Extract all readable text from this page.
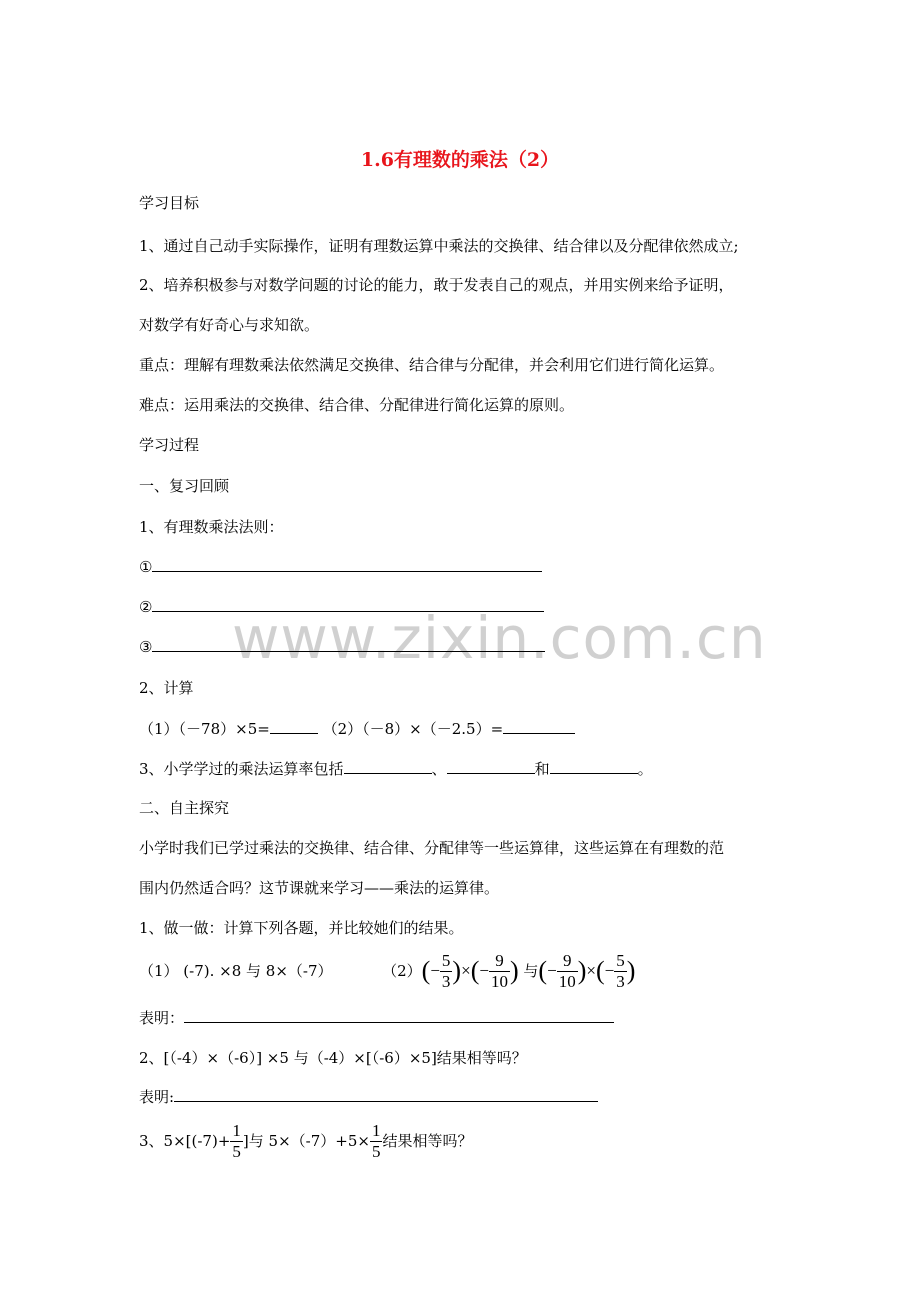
www.zixin.com.cn
1.6有理数的乘法（2）
学习目标
1、通过自己动手实际操作，证明有理数运算中乘法的交换律、结合律以及分配律依然成立;
2、培养积极参与对数学问题的讨论的能力，敢于发表自己的观点，并用实例来给予证明，
对数学有好奇心与求知欲。
重点：理解有理数乘法依然满足交换律、结合律与分配律，并会利用它们进行简化运算。
难点：运用乘法的交换律、结合律、分配律进行简化运算的原则。
学习过程
一、复习回顾
1、有理数乘法法则：
①
②
③
2、计算
（1）（－78）×5=	（2）（－8）×（－2.5）=
3、小学学过的乘法运算率包括	、	和	。
二、自主探究
小学时我们已学过乘法的交换律、结合律、分配律等一些运算律，这些运算在有理数的范
围内仍然适合吗？这节课就来学习——乘法的运算律。
1、做一做：计算下列各题，并比较她们的结果。
（1） (-7). ×8 与 8×（-7）	$(2)(- \frac{5}{3}$ )×(− $\frac{9}{10}$ ) 与(− $\frac{9}{10}$ )×(− $\frac{5}{3}$ )
表明：
2、[（-4）×（-6）] ×5 与（-4）×[（-6）×5]结果相等吗？
表明:
3、$5\times[(-7)+ \frac{1}{5}$ ]与 $5\times(-7)+5\times \frac{1}{5}$ 结果相等吗？
